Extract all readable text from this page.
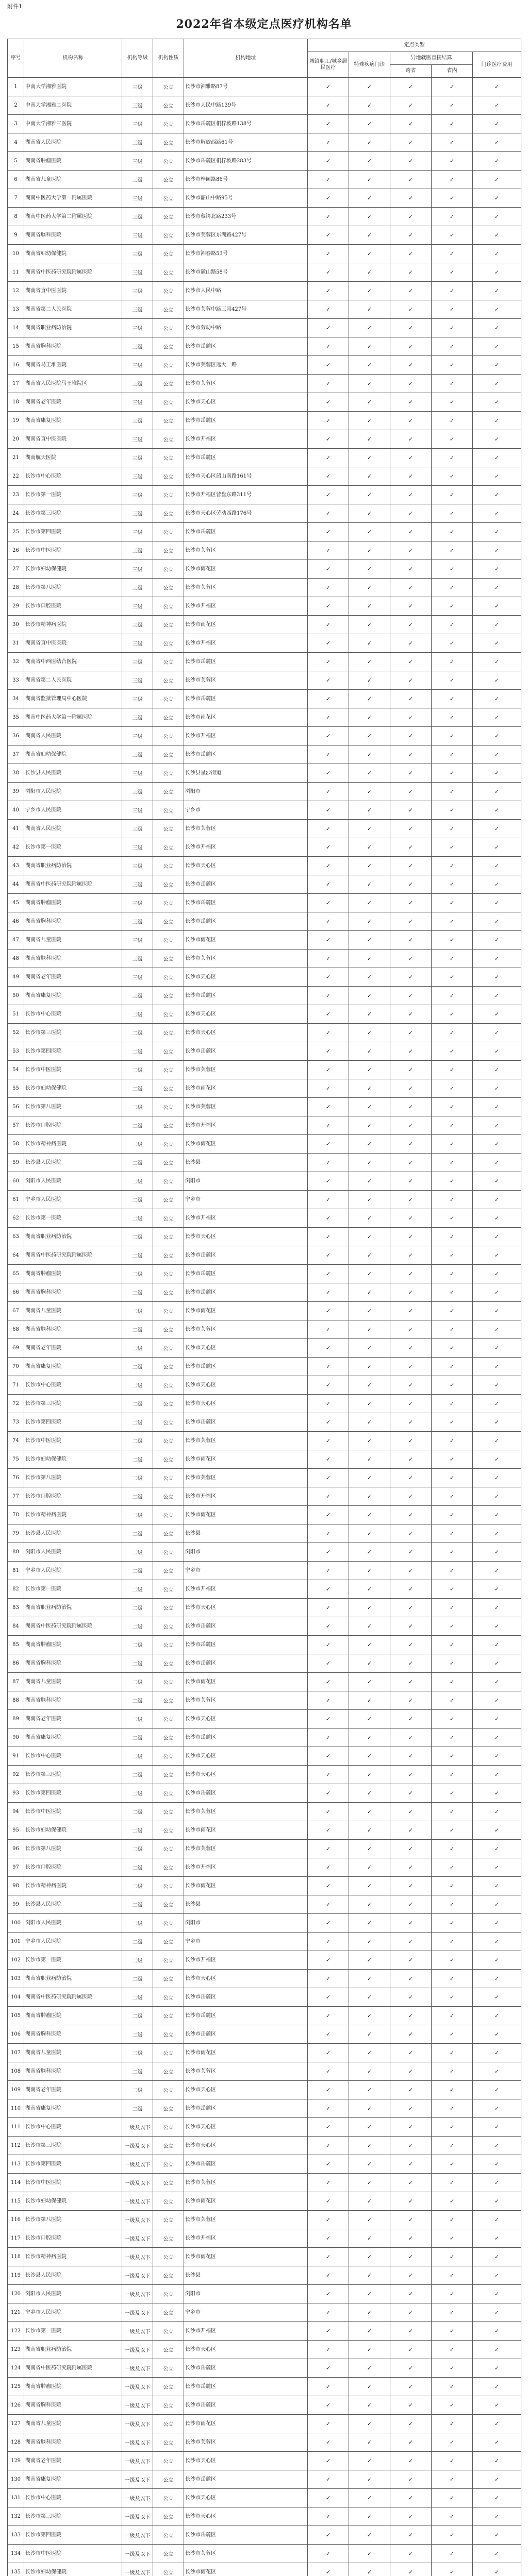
附件1
2022年省本级定点医疗机构名单
序号	机构名称	机构等级	机构性质	机构地址	定点类型				
					城镇职工/城乡居民医疗	特殊疾病门诊	异地就医直接结算		门诊医疗费用
							跨省	省内	
1	中南大学湘雅医院	三级	公立	长沙市湘雅路87号	✓	✓	✓	✓	✓
2	中南大学湘雅二医院	三级	公立	长沙市人民中路139号	✓	✓	✓	✓	✓
3	中南大学湘雅三医院	三级	公立	长沙市岳麓区桐梓坡路138号	✓	✓	✓	✓	✓
4	湖南省人民医院	三级	公立	长沙市解放西路61号	✓	✓	✓	✓	✓
5	湖南省肿瘤医院	三级	公立	长沙市岳麓区桐梓坡路283号	✓	✓	✓	✓	✓
6	湖南省儿童医院	三级	公立	长沙市梓园路86号	✓	✓	✓	✓	✓
7	湖南中医药大学第一附属医院	三级	公立	长沙市韶山中路95号	✓	✓	✓	✓	✓
8	湖南中医药大学第二附属医院	三级	公立	长沙市蔡锷北路233号	✓	✓	✓	✓	✓
9	湖南省脑科医院	三级	公立	长沙市芙蓉区东湖路427号	✓	✓	✓	✓	✓
10	湖南省妇幼保健院	三级	公立	长沙市湘春路53号	✓	✓	✓	✓	✓
11	湖南省中医药研究院附属医院	三级	公立	长沙市麓山路58号	✓	✓	✓	✓	✓
12	湖南省直中医医院	三级	公立	长沙市人民中路	✓	✓	✓	✓	✓
13	湖南省第二人民医院	三级	公立	长沙市芙蓉中路三段427号	✓	✓	✓	✓	✓
14	湖南省职业病防治院	三级	公立	长沙市劳动中路	✓	✓	✓	✓	✓
15	湖南省胸科医院	三级	公立	长沙市岳麓区	✓	✓	✓	✓	✓
16	湖南省马王堆医院	三级	公立	长沙市芙蓉区远大一路	✓	✓	✓	✓	✓
17	湖南省人民医院马王堆院区	三级	公立	长沙市芙蓉区	✓	✓	✓	✓	✓
18	湖南省老年医院	三级	公立	长沙市天心区	✓	✓	✓	✓	✓
19	湖南省康复医院	三级	公立	长沙市岳麓区	✓	✓	✓	✓	✓
20	湖南省直中医医院	三级	公立	长沙市开福区	✓	✓	✓	✓	✓
21	湖南航天医院	三级	公立	长沙市岳麓区	✓	✓	✓	✓	✓
22	长沙市中心医院	三级	公立	长沙市天心区韶山南路161号	✓	✓	✓	✓	✓
23	长沙市第一医院	三级	公立	长沙市开福区营盘东路311号	✓	✓	✓	✓	✓
24	长沙市第三医院	三级	公立	长沙市天心区劳动西路176号	✓	✓	✓	✓	✓
25	长沙市第四医院	三级	公立	长沙市岳麓区	✓	✓	✓	✓	✓
26	长沙市中医医院	三级	公立	长沙市芙蓉区	✓	✓	✓	✓	✓
27	长沙市妇幼保健院	三级	公立	长沙市雨花区	✓	✓	✓	✓	✓
28	长沙市第八医院	三级	公立	长沙市芙蓉区	✓	✓	✓	✓	✓
29	长沙市口腔医院	三级	公立	长沙市开福区	✓	✓	✓	✓	✓
30	长沙市精神病医院	三级	公立	长沙市雨花区	✓	✓	✓	✓	✓
31	湖南省直中医医院	三级	公立	长沙市开福区	✓	✓	✓	✓	✓
32	湖南省中西医结合医院	三级	公立	长沙市岳麓区	✓	✓	✓	✓	✓
33	湖南省第二人民医院	三级	公立	长沙市芙蓉区	✓	✓	✓	✓	✓
34	湖南省监狱管理局中心医院	三级	公立	长沙市岳麓区	✓	✓	✓	✓	✓
35	湖南中医药大学第一附属医院	三级	公立	长沙市雨花区	✓	✓	✓	✓	✓
36	湖南省人民医院	三级	公立	长沙市开福区	✓	✓	✓	✓	✓
37	湖南省妇幼保健院	三级	公立	长沙市岳麓区	✓	✓	✓	✓	✓
38	长沙县人民医院	三级	公立	长沙县星沙街道	✓	✓	✓	✓	✓
39	浏阳市人民医院	三级	公立	浏阳市	✓	✓	✓	✓	✓
40	宁乡市人民医院	三级	公立	宁乡市	✓	✓	✓	✓	✓
41	湖南省人民医院	三级	公立	长沙市芙蓉区	✓	✓	✓	✓	✓
42	长沙市第一医院	三级	公立	长沙市开福区	✓	✓	✓	✓	✓
43	湖南省职业病防治院	三级	公立	长沙市天心区	✓	✓	✓	✓	✓
44	湖南省中医药研究院附属医院	三级	公立	长沙市岳麓区	✓	✓	✓	✓	✓
45	湖南省肿瘤医院	三级	公立	长沙市岳麓区	✓	✓	✓	✓	✓
46	湖南省胸科医院	三级	公立	长沙市岳麓区	✓	✓	✓	✓	✓
47	湖南省儿童医院	三级	公立	长沙市雨花区	✓	✓	✓	✓	✓
48	湖南省脑科医院	三级	公立	长沙市芙蓉区	✓	✓	✓	✓	✓
49	湖南省老年医院	三级	公立	长沙市天心区	✓	✓	✓	✓	✓
50	湖南省康复医院	三级	公立	长沙市岳麓区	✓	✓	✓	✓	✓
51	长沙市中心医院	二级	公立	长沙市天心区	✓	✓	✓	✓	✓
52	长沙市第三医院	二级	公立	长沙市天心区	✓	✓	✓	✓	✓
53	长沙市第四医院	二级	公立	长沙市岳麓区	✓	✓	✓	✓	✓
54	长沙市中医医院	二级	公立	长沙市芙蓉区	✓	✓	✓	✓	✓
55	长沙市妇幼保健院	二级	公立	长沙市雨花区	✓	✓	✓	✓	✓
56	长沙市第八医院	二级	公立	长沙市芙蓉区	✓	✓	✓	✓	✓
57	长沙市口腔医院	二级	公立	长沙市开福区	✓	✓	✓	✓	✓
58	长沙市精神病医院	二级	公立	长沙市雨花区	✓	✓	✓	✓	✓
59	长沙县人民医院	二级	公立	长沙县	✓	✓	✓	✓	✓
60	浏阳市人民医院	二级	公立	浏阳市	✓	✓	✓	✓	✓
61	宁乡市人民医院	二级	公立	宁乡市	✓	✓	✓	✓	✓
62	长沙市第一医院	二级	公立	长沙市开福区	✓	✓	✓	✓	✓
63	湖南省职业病防治院	二级	公立	长沙市天心区	✓	✓	✓	✓	✓
64	湖南省中医药研究院附属医院	二级	公立	长沙市岳麓区	✓	✓	✓	✓	✓
65	湖南省肿瘤医院	二级	公立	长沙市岳麓区	✓	✓	✓	✓	✓
66	湖南省胸科医院	二级	公立	长沙市岳麓区	✓	✓	✓	✓	✓
67	湖南省儿童医院	二级	公立	长沙市雨花区	✓	✓	✓	✓	✓
68	湖南省脑科医院	二级	公立	长沙市芙蓉区	✓	✓	✓	✓	✓
69	湖南省老年医院	二级	公立	长沙市天心区	✓	✓	✓	✓	✓
70	湖南省康复医院	二级	公立	长沙市岳麓区	✓	✓	✓	✓	✓
71	长沙市中心医院	二级	公立	长沙市天心区	✓	✓	✓	✓	✓
72	长沙市第三医院	二级	公立	长沙市天心区	✓	✓	✓	✓	✓
73	长沙市第四医院	二级	公立	长沙市岳麓区	✓	✓	✓	✓	✓
74	长沙市中医医院	二级	公立	长沙市芙蓉区	✓	✓	✓	✓	✓
75	长沙市妇幼保健院	二级	公立	长沙市雨花区	✓	✓	✓	✓	✓
76	长沙市第八医院	二级	公立	长沙市芙蓉区	✓	✓	✓	✓	✓
77	长沙市口腔医院	二级	公立	长沙市开福区	✓	✓	✓	✓	✓
78	长沙市精神病医院	二级	公立	长沙市雨花区	✓	✓	✓	✓	✓
79	长沙县人民医院	二级	公立	长沙县	✓	✓	✓	✓	✓
80	浏阳市人民医院	二级	公立	浏阳市	✓	✓	✓	✓	✓
81	宁乡市人民医院	二级	公立	宁乡市	✓	✓	✓	✓	✓
82	长沙市第一医院	二级	公立	长沙市开福区	✓	✓	✓	✓	✓
83	湖南省职业病防治院	二级	公立	长沙市天心区	✓	✓	✓	✓	✓
84	湖南省中医药研究院附属医院	二级	公立	长沙市岳麓区	✓	✓	✓	✓	✓
85	湖南省肿瘤医院	二级	公立	长沙市岳麓区	✓	✓	✓	✓	✓
86	湖南省胸科医院	二级	公立	长沙市岳麓区	✓	✓	✓	✓	✓
87	湖南省儿童医院	二级	公立	长沙市雨花区	✓	✓	✓	✓	✓
88	湖南省脑科医院	二级	公立	长沙市芙蓉区	✓	✓	✓	✓	✓
89	湖南省老年医院	二级	公立	长沙市天心区	✓	✓	✓	✓	✓
90	湖南省康复医院	二级	公立	长沙市岳麓区	✓	✓	✓	✓	✓
91	长沙市中心医院	二级	公立	长沙市天心区	✓	✓	✓	✓	✓
92	长沙市第三医院	二级	公立	长沙市天心区	✓	✓	✓	✓	✓
93	长沙市第四医院	二级	公立	长沙市岳麓区	✓	✓	✓	✓	✓
94	长沙市中医医院	二级	公立	长沙市芙蓉区	✓	✓	✓	✓	✓
95	长沙市妇幼保健院	二级	公立	长沙市雨花区	✓	✓	✓	✓	✓
96	长沙市第八医院	二级	公立	长沙市芙蓉区	✓	✓	✓	✓	✓
97	长沙市口腔医院	二级	公立	长沙市开福区	✓	✓	✓	✓	✓
98	长沙市精神病医院	二级	公立	长沙市雨花区	✓	✓	✓	✓	✓
99	长沙县人民医院	二级	公立	长沙县	✓	✓	✓	✓	✓
100	浏阳市人民医院	二级	公立	浏阳市	✓	✓	✓	✓	✓
101	宁乡市人民医院	二级	公立	宁乡市	✓	✓	✓	✓	✓
102	长沙市第一医院	二级	公立	长沙市开福区	✓	✓	✓	✓	✓
103	湖南省职业病防治院	二级	公立	长沙市天心区	✓	✓	✓	✓	✓
104	湖南省中医药研究院附属医院	二级	公立	长沙市岳麓区	✓	✓	✓	✓	✓
105	湖南省肿瘤医院	二级	公立	长沙市岳麓区	✓	✓	✓	✓	✓
106	湖南省胸科医院	二级	公立	长沙市岳麓区	✓	✓	✓	✓	✓
107	湖南省儿童医院	二级	公立	长沙市雨花区	✓	✓	✓	✓	✓
108	湖南省脑科医院	二级	公立	长沙市芙蓉区	✓	✓	✓	✓	✓
109	湖南省老年医院	二级	公立	长沙市天心区	✓	✓	✓	✓	✓
110	湖南省康复医院	二级	公立	长沙市岳麓区	✓	✓	✓	✓	✓
111	长沙市中心医院	一级及以下	公立	长沙市天心区	✓	✓	✓	✓	✓
112	长沙市第三医院	一级及以下	公立	长沙市天心区	✓	✓	✓	✓	✓
113	长沙市第四医院	一级及以下	公立	长沙市岳麓区	✓	✓	✓	✓	✓
114	长沙市中医医院	一级及以下	公立	长沙市芙蓉区	✓	✓	✓	✓	✓
115	长沙市妇幼保健院	一级及以下	公立	长沙市雨花区	✓	✓	✓	✓	✓
116	长沙市第八医院	一级及以下	公立	长沙市芙蓉区	✓	✓	✓	✓	✓
117	长沙市口腔医院	一级及以下	公立	长沙市开福区	✓	✓	✓	✓	✓
118	长沙市精神病医院	一级及以下	公立	长沙市雨花区	✓	✓	✓	✓	✓
119	长沙县人民医院	一级及以下	公立	长沙县	✓	✓	✓	✓	✓
120	浏阳市人民医院	一级及以下	公立	浏阳市	✓	✓	✓	✓	✓
121	宁乡市人民医院	一级及以下	公立	宁乡市	✓	✓	✓	✓	✓
122	长沙市第一医院	一级及以下	公立	长沙市开福区	✓	✓	✓	✓	✓
123	湖南省职业病防治院	一级及以下	公立	长沙市天心区	✓	✓	✓	✓	✓
124	湖南省中医药研究院附属医院	一级及以下	公立	长沙市岳麓区	✓	✓	✓	✓	✓
125	湖南省肿瘤医院	一级及以下	公立	长沙市岳麓区	✓	✓	✓	✓	✓
126	湖南省胸科医院	一级及以下	公立	长沙市岳麓区	✓	✓	✓	✓	✓
127	湖南省儿童医院	一级及以下	公立	长沙市雨花区	✓	✓	✓	✓	✓
128	湖南省脑科医院	一级及以下	公立	长沙市芙蓉区	✓	✓	✓	✓	✓
129	湖南省老年医院	一级及以下	公立	长沙市天心区	✓	✓	✓	✓	✓
130	湖南省康复医院	一级及以下	公立	长沙市岳麓区	✓	✓	✓	✓	✓
131	长沙市中心医院	一级及以下	公立	长沙市天心区	✓	✓	✓	✓	✓
132	长沙市第三医院	一级及以下	公立	长沙市天心区	✓	✓	✓	✓	✓
133	长沙市第四医院	一级及以下	公立	长沙市岳麓区	✓	✓	✓	✓	✓
134	长沙市中医医院	一级及以下	公立	长沙市芙蓉区	✓	✓	✓	✓	✓
135	长沙市妇幼保健院	一级及以下	公立	长沙市雨花区	✓	✓	✓	✓	✓
